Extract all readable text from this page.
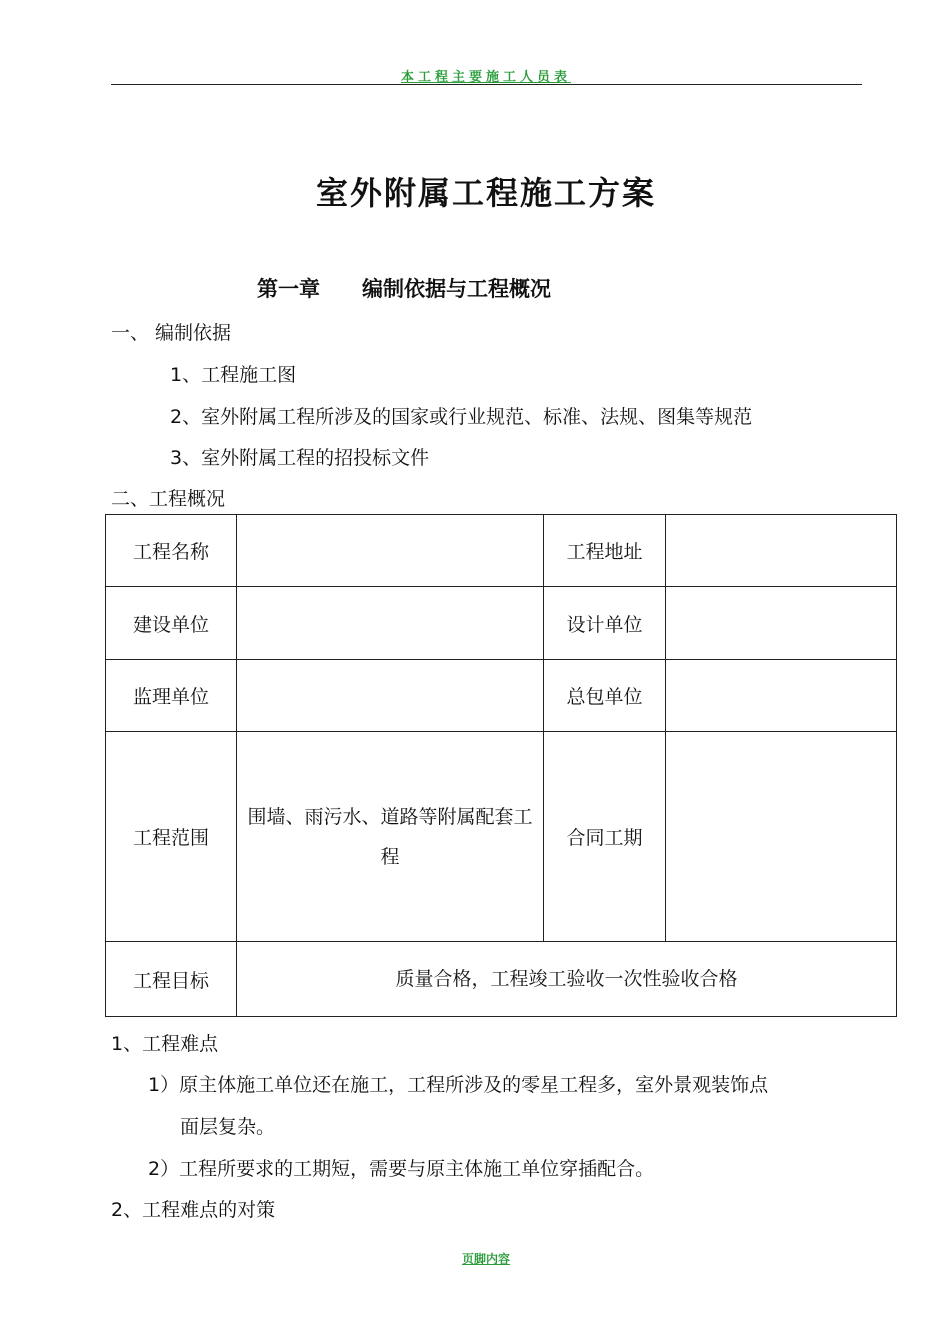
本工程主要施工人员表
室外附属工程施工方案
第一章 编制依据与工程概况
一、 编制依据
1、工程施工图
2、室外附属工程所涉及的国家或行业规范、标准、法规、图集等规范
3、室外附属工程的招投标文件
二、工程概况
工程名称		工程地址	
建设单位		设计单位	
监理单位		总包单位	
工程范围	围墙、雨污水、道路等附属配套工程	合同工期	
工程目标	质量合格，工程竣工验收一次性验收合格		
1、工程难点
1）原主体施工单位还在施工，工程所涉及的零星工程多，室外景观装饰点
面层复杂。
2）工程所要求的工期短，需要与原主体施工单位穿插配合。
2、工程难点的对策
页脚内容
